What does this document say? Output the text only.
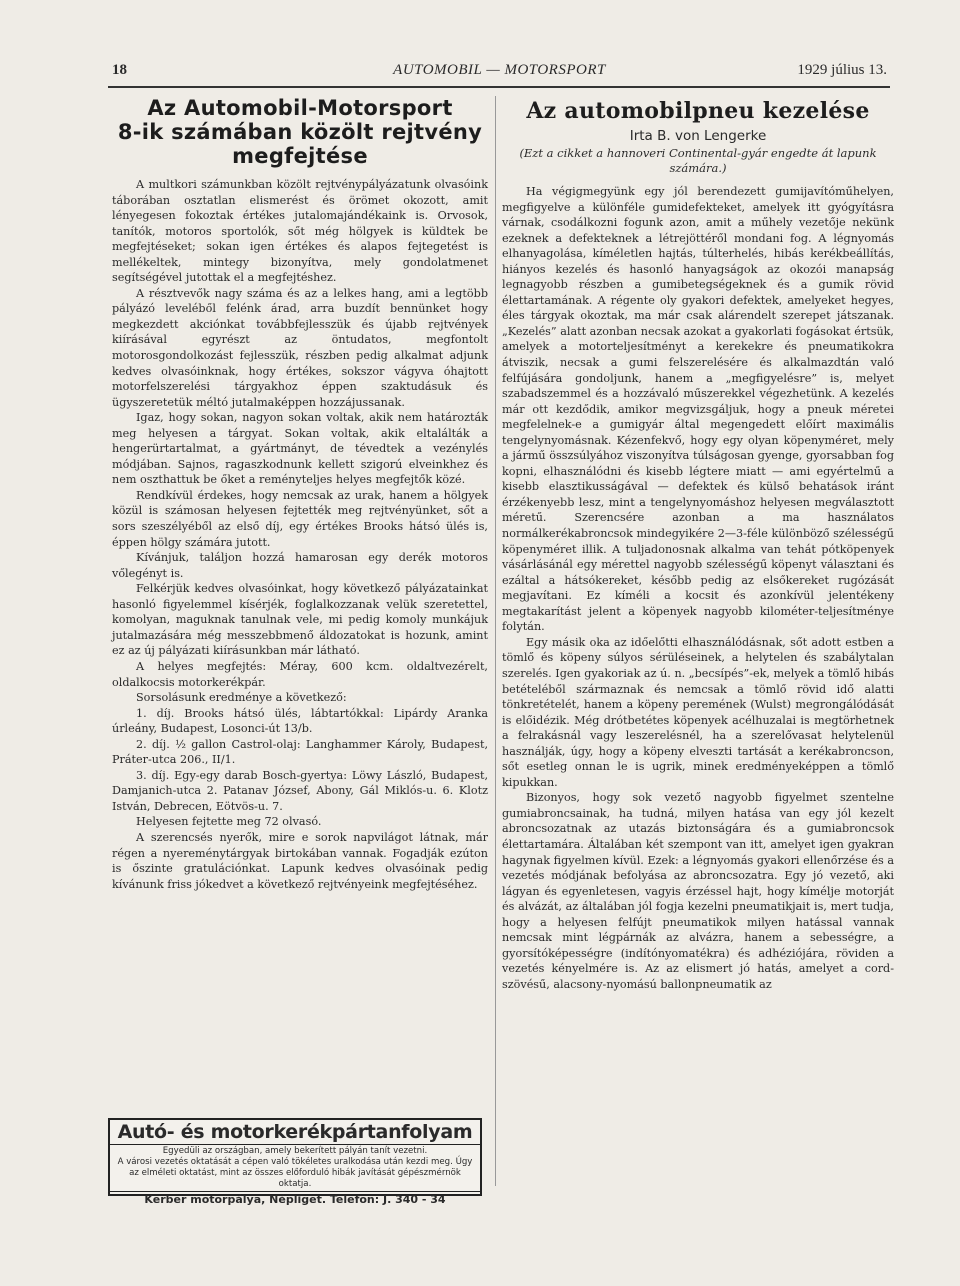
18	AUTOMOBIL — MOTORSPORT	1929 július 13.
Az Automobil-Motorsport
8-ik számában közölt rejtvény
megfejtése

A multkori számunkban közölt rejtvénypályázatunk olvasóink táborában osztatlan elismerést és örömet okozott, amit lényegesen fokoztak értékes jutalomajándékaink is. Orvosok, tanítók, motoros sportolók, sőt még hölgyek is küldtek be megfejtéseket; sokan igen értékes és alapos fejtegetést is mellékeltek, mintegy bizonyítva, mely gondolatmenet segítségével jutottak el a megfejtéshez.

A résztvevők nagy száma és az a lelkes hang, ami a legtöbb pályázó leveléből felénk árad, arra buzdít bennünket hogy megkezdett akciónkat továbbfejlesszük és újabb rejtvények kiírásával egyrészt az öntudatos, megfontolt motorosgondolkozást fejlesszük, részben pedig alkalmat adjunk kedves olvasóinknak, hogy értékes, sokszor vágyva óhajtott motorfelszerelési tárgyakhoz éppen szaktudásuk és ügyszeretetük méltó jutalmaképpen hozzájussanak.

Igaz, hogy sokan, nagyon sokan voltak, akik nem határozták meg helyesen a tárgyat. Sokan voltak, akik eltalálták a hengerürtartalmat, a gyártmányt, de tévedtek a vezénylés módjában. Sajnos, ragaszkodnunk kellett szigorú elveinkhez és nem oszthattuk be őket a reményteljes helyes megfejtők közé.

Rendkívül érdekes, hogy nemcsak az urak, hanem a hölgyek közül is számosan helyesen fejtették meg rejtvényünket, sőt a sors szeszélyéből az első díj, egy értékes Brooks hátsó ülés is, éppen hölgy számára jutott.

Kívánjuk, találjon hozzá hamarosan egy derék motoros vőlegényt is.

Felkérjük kedves olvasóinkat, hogy következő pályázatainkat hasonló figyelemmel kísérjék, foglalkozzanak velük szeretettel, komolyan, maguknak tanulnak vele, mi pedig komoly munkájuk jutalmazására még messzebbmenő áldozatokat is hozunk, amint ez az új pályázati kiírásunkban már látható.

A helyes megfejtés: Méray, 600 kcm. oldaltvezérelt, oldalkocsis motorkerékpár.

Sorsolásunk eredménye a következő:

1. díj. Brooks hátsó ülés, lábtartókkal: Lipárdy Aranka úrleány, Budapest, Losonci-út 13/b.

2. díj. ½ gallon Castrol-olaj: Langhammer Károly, Budapest, Práter-utca 206., II/1.

3. díj. Egy-egy darab Bosch-gyertya: Löwy László, Budapest, Damjanich-utca 2. Patanav József, Abony, Gál Miklós-u. 6. Klotz István, Debrecen, Eötvös-u. 7.

Helyesen fejtette meg 72 olvasó.

A szerencsés nyerők, mire e sorok napvilágot látnak, már régen a nyereménytárgyak birtokában vannak. Fogadják ezúton is őszinte gratulációnkat. Lapunk kedves olvasóinak pedig kívánunk friss jókedvet a következő rejtvényeink megfejtéséhez.

Autó- és motorkerékpártanfolyam
Egyedüli az országban, amely bekerített pályán tanít vezetni.
A városi vezetés oktatását a cépen való tökéletes uralkodása után kezdi meg. Úgy az elméleti oktatást, mint az összes előforduló hibák javítását gépészmérnök oktatja.
Kerber motorpálya, Népliget. Telefon: J. 340 - 34
Az automobilpneu kezelése
Irta B. von Lengerke
(Ezt a cikket a hannoveri Continental-gyár engedte át lapunk számára.)

Ha végigmegyünk egy jól berendezett gumijavítóműhelyen, megfigyelve a különféle gumidefekteket, amelyek itt gyógyításra várnak, csodálkozni fogunk azon, amit a műhely vezetője nekünk ezeknek a defekteknek a létrejöttéről mondani fog. A légnyomás elhanyagolása, kíméletlen hajtás, túlterhelés, hibás kerékbeállítás, hiányos kezelés és hasonló hanyagságok az okozói manapság legnagyobb részben a gumibetegségeknek és a gumik rövid élettartamának. A régente oly gyakori defektek, amelyeket hegyes, éles tárgyak okoztak, ma már csak alárendelt szerepet játszanak. „Kezelés” alatt azonban necsak azokat a gyakorlati fogásokat értsük, amelyek a motorteljesítményt a kerekekre és pneumatikokra átviszik, necsak a gumi felszerelésére és alkalmazdtán való felfújására gondoljunk, hanem a „megfigyelésre” is, melyet szabadszemmel és a hozzávaló műszerekkel végezhetünk. A kezelés már ott kezdődik, amikor megvizsgáljuk, hogy a pneuk méretei megfelelnek-e a gumigyár által megengedett előírt maximális tengelynyomásnak. Kézenfekvő, hogy egy olyan köpenyméret, mely a jármű összsúlyához viszonyítva túlságosan gyenge, gyorsabban fog kopni, elhasználódni és kisebb légtere miatt — ami egyértelmű a kisebb elasztikusságával — defektek és külső behatások iránt érzékenyebb lesz, mint a tengelynyomáshoz helyesen megválasztott méretű. Szerencsére azonban a ma használatos normálkerékabroncsok mindegyikére 2—3-féle különböző szélességű köpenyméret illik. A tuljadonosnak alkalma van tehát pótköpenyek vásárlásánál egy mérettel nagyobb szélességű köpenyt választani és ezáltal a hátsókereket, később pedig az elsőkereket rugózását megjavítani. Ez kíméli a kocsit és azonkívül jelentékeny megtakarítást jelent a köpenyek nagyobb kilométer-teljesítménye folytán.

Egy másik oka az időelőtti elhasználódásnak, sőt adott estben a tömlő és köpeny súlyos sérüléseinek, a helytelen és szabálytalan szerelés. Igen gyakoriak az ú. n. „becsípés”-ek, melyek a tömlő hibás betételéből származnak és nemcsak a tömlő rövid idő alatti tönkretételét, hanem a köpeny peremének (Wulst) megrongálódását is előidézik. Még drótbetétes köpenyek acélhuzalai is megtörhetnek a felrakásnál vagy leszerelésnél, ha a szerelővasat helytelenül használják, úgy, hogy a köpeny elveszti tartását a kerékabroncson, sőt esetleg onnan le is ugrik, minek eredményeképpen a tömlő kipukkan.

Bizonyos, hogy sok vezető nagyobb figyelmet szentelne gumiabroncsainak, ha tudná, milyen hatása van egy jól kezelt abroncsozatnak az utazás biztonságára és a gumiabroncsok élettartamára. Általában két szempont van itt, amelyet igen gyakran hagynak figyelmen kívül. Ezek: a légnyomás gyakori ellenőrzése és a vezetés módjának befolyása az abroncsozatra. Egy jó vezető, aki lágyan és egyenletesen, vagyis érzéssel hajt, hogy kímélje motorját és alvázát, az általában jól fogja kezelni pneumatikjait is, mert tudja, hogy a helyesen felfújt pneumatikok milyen hatással vannak nemcsak mint légpárnák az alvázra, hanem a sebességre, a gyorsítóképességre (indítónyomatékra) és adhéziójára, röviden a vezetés kényelmére is. Az az elismert jó hatás, amelyet a cord-szövésű, alacsony-nyomású ballonpneumatik az
